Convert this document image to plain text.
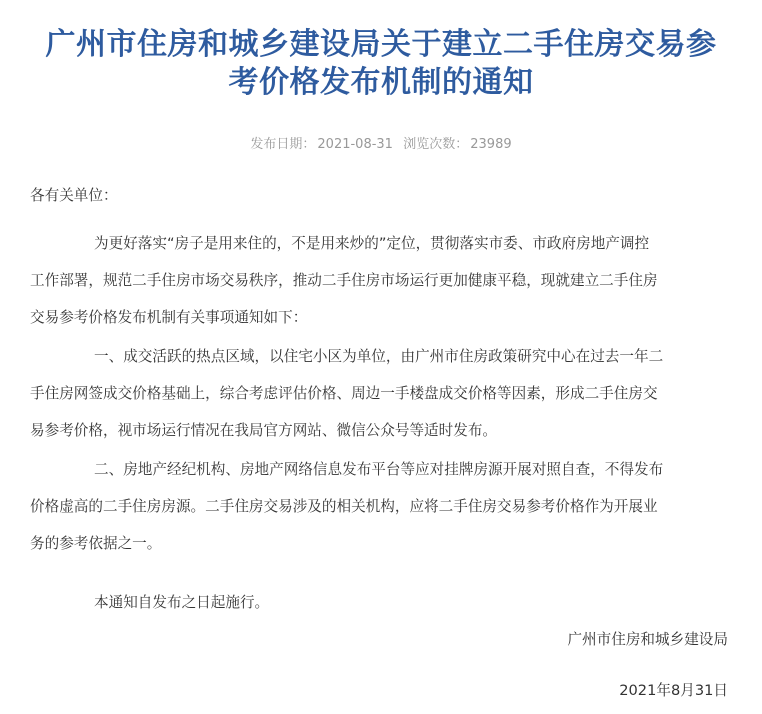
广州市住房和城乡建设局关于建立二手住房交易参
考价格发布机制的通知
发布日期： 2021-08-31 浏览次数： 23989
各有关单位：

为更好落实“房子是用来住的，不是用来炒的”定位，贯彻落实市委、市政府房地产调控
工作部署，规范二手住房市场交易秩序，推动二手住房市场运行更加健康平稳，现就建立二手住房
交易参考价格发布机制有关事项通知如下：

一、成交活跃的热点区域，以住宅小区为单位，由广州市住房政策研究中心在过去一年二
手住房网签成交价格基础上，综合考虑评估价格、周边一手楼盘成交价格等因素，形成二手住房交
易参考价格，视市场运行情况在我局官方网站、微信公众号等适时发布。

二、房地产经纪机构、房地产网络信息发布平台等应对挂牌房源开展对照自查，不得发布
价格虚高的二手住房房源。二手住房交易涉及的相关机构，应将二手住房交易参考价格作为开展业
务的参考依据之一。

本通知自发布之日起施行。

广州市住房和城乡建设局
2021年8月31日
